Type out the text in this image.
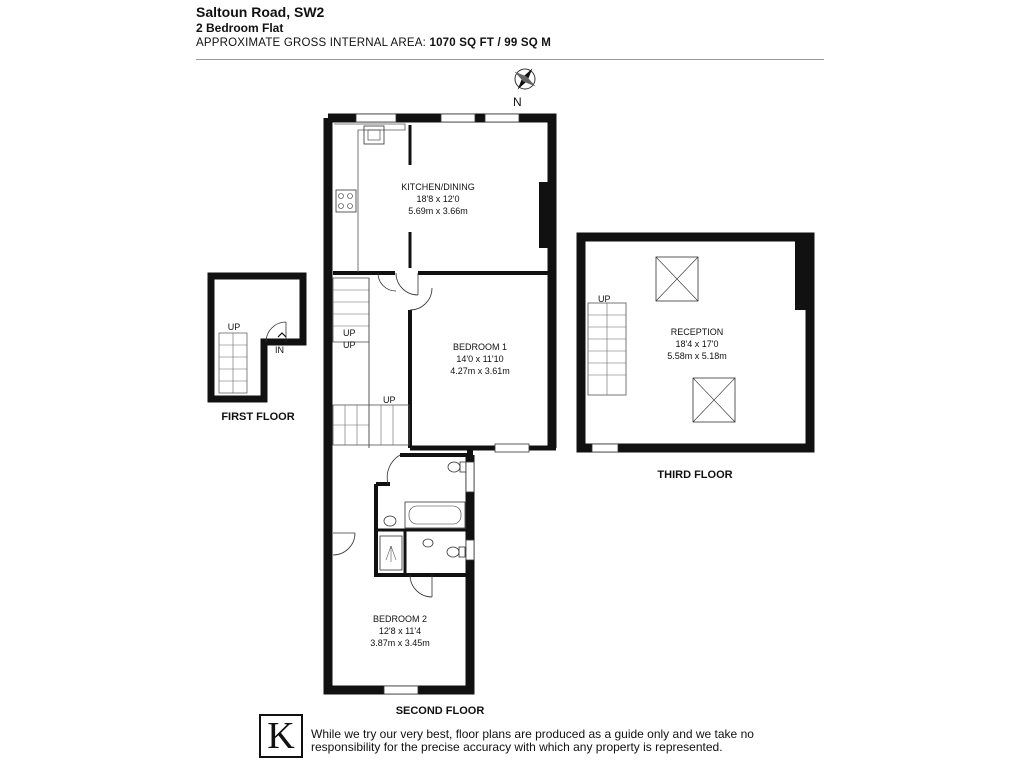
Saltoun Road, SW2
2 Bedroom Flat
APPROXIMATE GROSS INTERNAL AREA: 1070 SQ FT / 99 SQ M
N
UP
IN
FIRST FLOOR
UP
UP
UP
KITCHEN/DINING
18'8 x 12'0
5.69m x 3.66m
BEDROOM 1
14'0 x 11'10
4.27m x 3.61m
BEDROOM 2
12'8 x 11'4
3.87m x 3.45m
SECOND FLOOR
UP
RECEPTION
18'4 x 17'0
5.58m x 5.18m
THIRD FLOOR
K While we try our very best, floor plans are produced as a guide only and we take no responsibility for the precise accuracy with which any property is represented.
